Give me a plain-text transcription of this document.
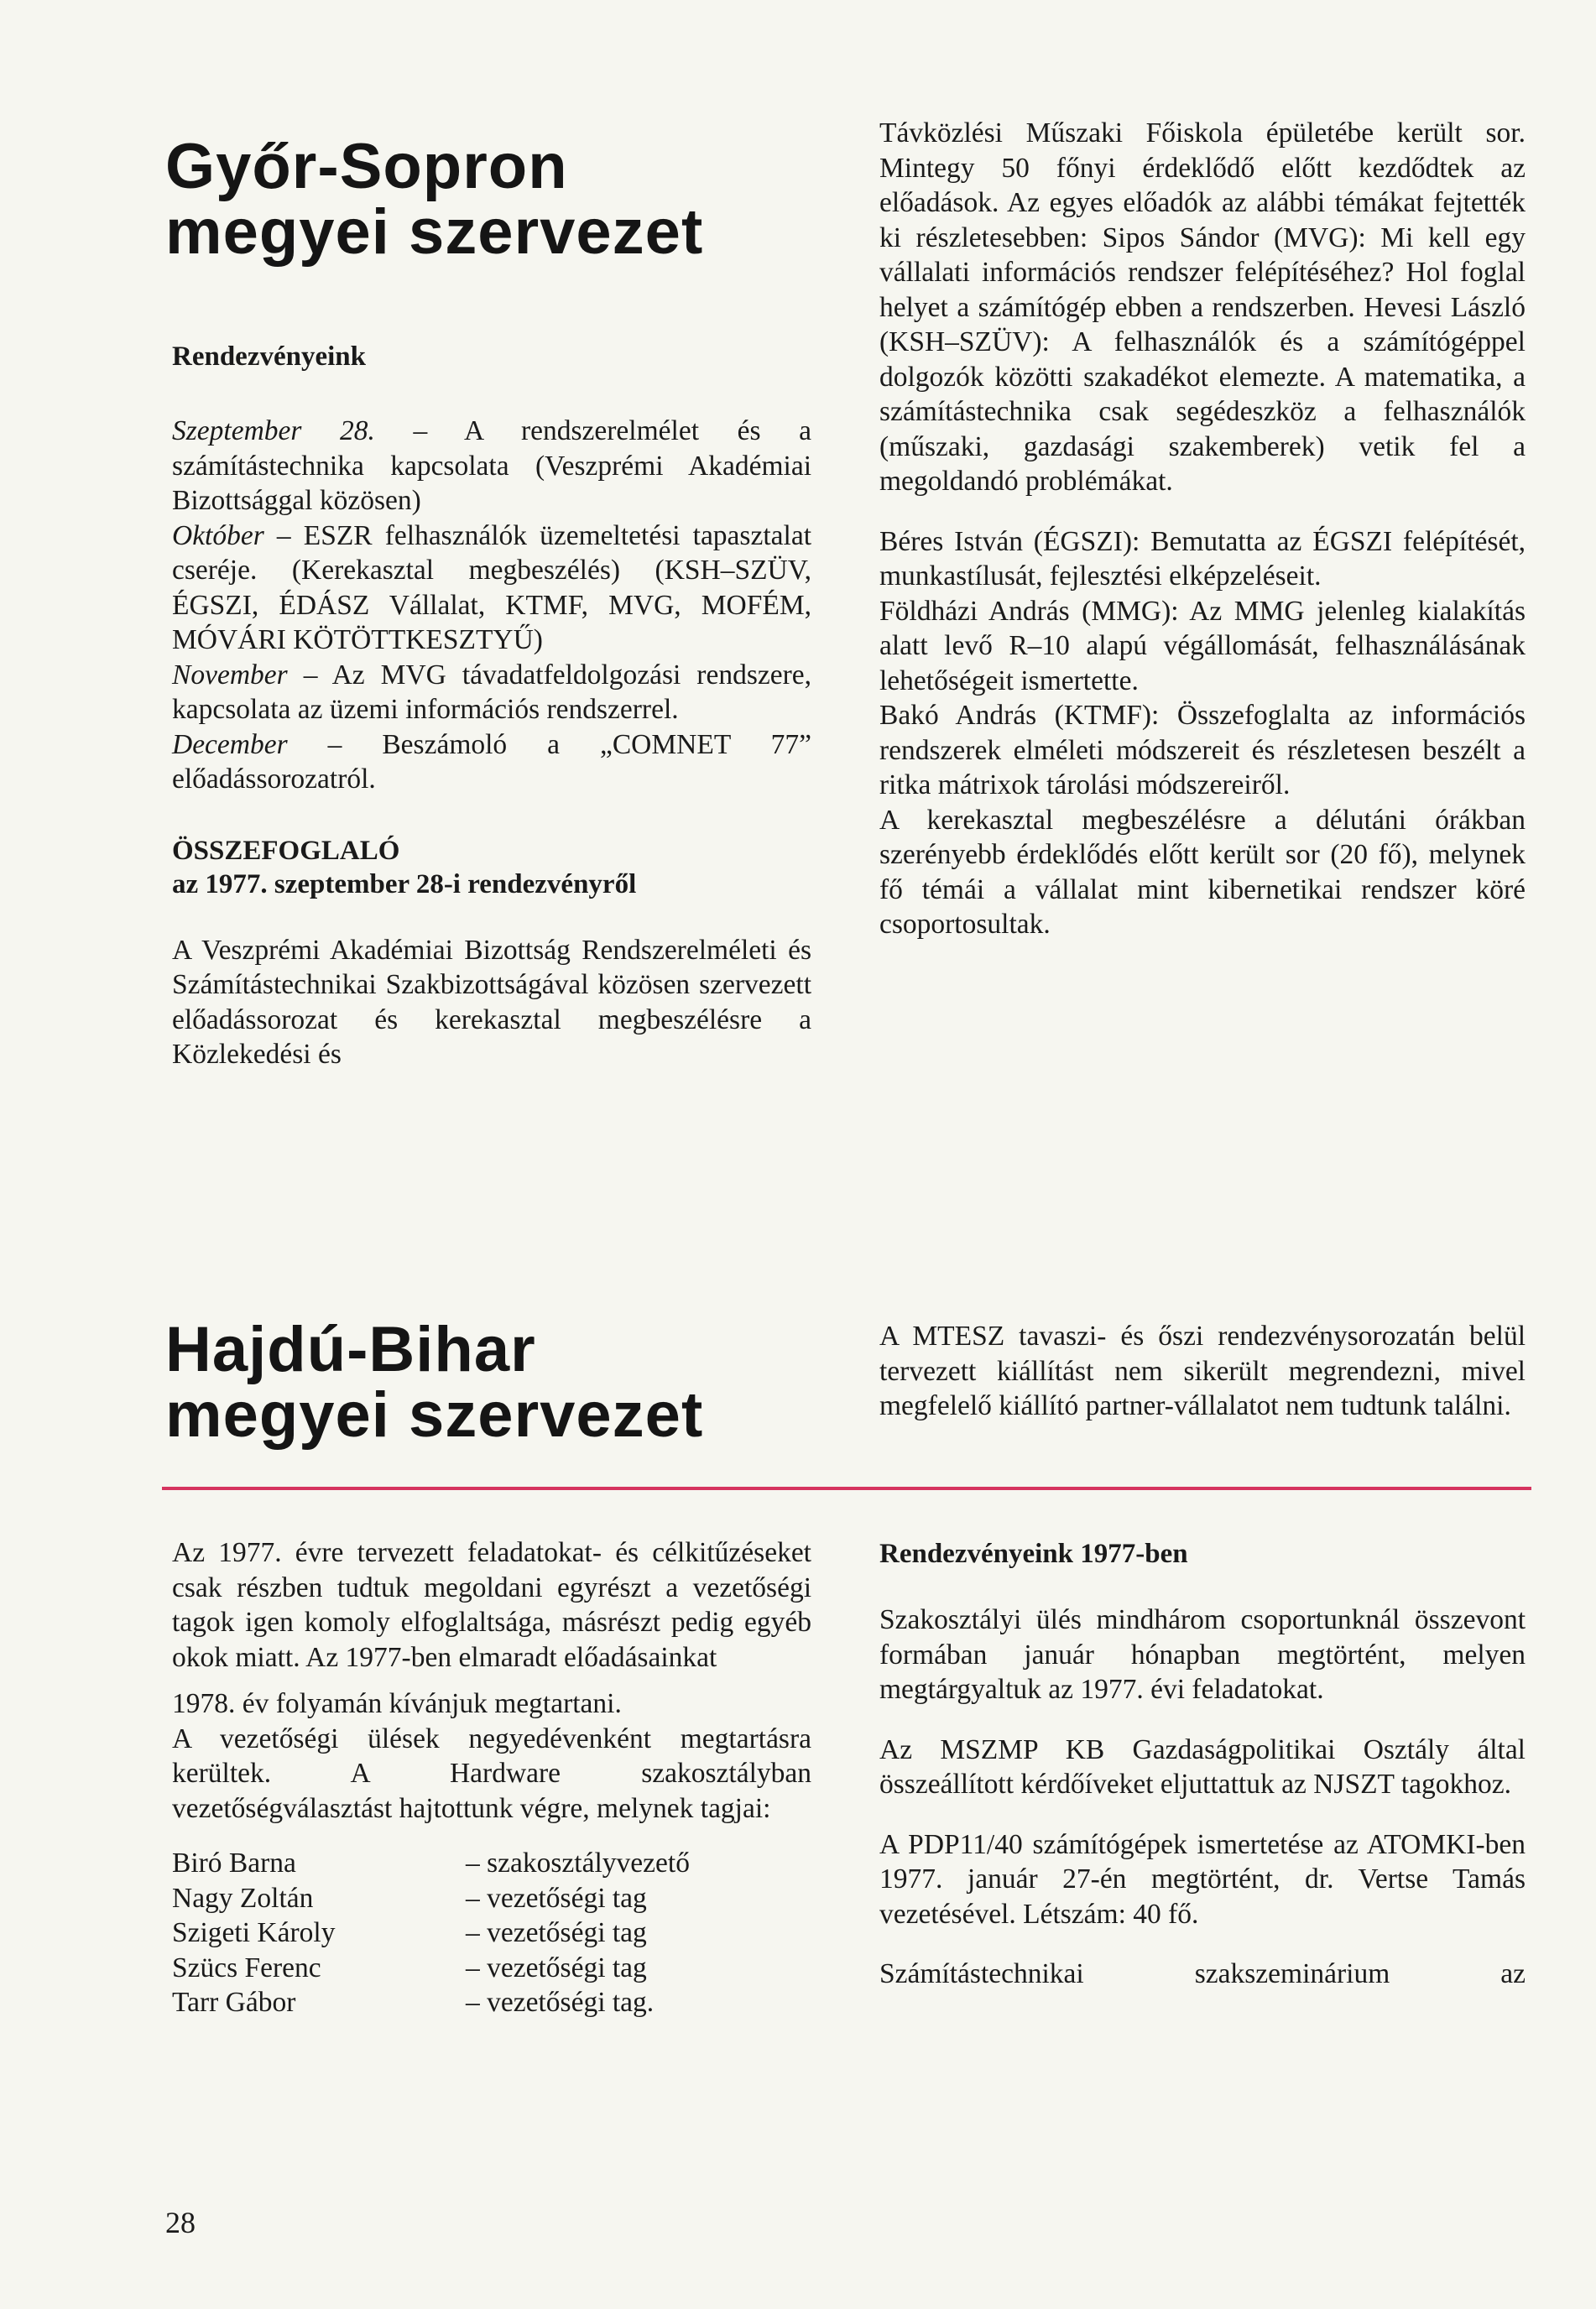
Győr-Sopron
megyei szervezet

Rendezvényeink

Szeptember 28. – A rendszerelmélet és a számítástechnika kapcsolata (Veszprémi Akadémiai Bizottsággal közösen)

Október – ESZR felhasználók üzemeltetési tapasztalat cseréje. (Kerekasztal megbeszélés) (KSH–SZÜV, ÉGSZI, ÉDÁSZ Vállalat, KTMF, MVG, MOFÉM, MÓVÁRI KÖTÖTTKESZTYŰ)

November – Az MVG távadatfeldolgozási rendszere, kapcsolata az üzemi információs rendszerrel.

December – Beszámoló a „COMNET 77” előadássorozatról.

ÖSSZEFOGLALÓ

az 1977. szeptember 28-i rendezvényről

A Veszprémi Akadémiai Bizottság Rendszerelméleti és Számítástechnikai Szakbizottságával közösen szervezett előadássorozat és kerekasztal megbeszélésre a Közlekedési és

Távközlési Műszaki Főiskola épületébe került sor. Mintegy 50 főnyi érdeklődő előtt kezdődtek az előadások. Az egyes előadók az alábbi témákat fejtették ki részletesebben: Sipos Sándor (MVG): Mi kell egy vállalati információs rendszer felépítéséhez? Hol foglal helyet a számítógép ebben a rendszerben. Hevesi László (KSH–SZÜV): A felhasználók és a számítógéppel dolgozók közötti szakadékot elemezte. A matematika, a számítástechnika csak segédeszköz a felhasználók (műszaki, gazdasági szakemberek) vetik fel a megoldandó problémákat.

Béres István (ÉGSZI): Bemutatta az ÉGSZI felépítését, munkastílusát, fejlesztési elképzeléseit.

Földházi András (MMG): Az MMG jelenleg kialakítás alatt levő R–10 alapú végállomását, felhasználásának lehetőségeit ismertette.

Bakó András (KTMF): Összefoglalta az információs rendszerek elméleti módszereit és részletesen beszélt a ritka mátrixok tárolási módszereiről.

A kerekasztal megbeszélésre a délutáni órákban szerényebb érdeklődés előtt került sor (20 fő), melynek fő témái a vállalat mint kibernetikai rendszer köré csoportosultak.

A MTESZ tavaszi- és őszi rendezvénysorozatán belül tervezett kiállítást nem sikerült megrendezni, mivel megfelelő kiállító partner-vállalatot nem tudtunk találni.

Hajdú-Bihar
megyei szervezet

Az 1977. évre tervezett feladatokat- és célkitűzéseket csak részben tudtuk megoldani egyrészt a vezetőségi tagok igen komoly elfoglaltsága, másrészt pedig egyéb okok miatt. Az 1977-ben elmaradt előadásainkat

1978. év folyamán kívánjuk megtartani.

A vezetőségi ülések negyedévenként megtartásra kerültek. A Hardware szakosztályban vezetőségválasztást hajtottunk végre, melynek tagjai:

Biró Barna	– szakosztályvezető
Nagy Zoltán	– vezetőségi tag
Szigeti Károly	– vezetőségi tag
Szücs Ferenc	– vezetőségi tag
Tarr Gábor	– vezetőségi tag.

Rendezvényeink 1977-ben

Szakosztályi ülés mindhárom csoportunknál összevont formában január hónapban megtörtént, melyen megtárgyaltuk az 1977. évi feladatokat.

Az MSZMP KB Gazdaságpolitikai Osztály által összeállított kérdőíveket eljuttattuk az NJSZT tagokhoz.

A PDP11/40 számítógépek ismertetése az ATOMKI-ben 1977. január 27-én megtörtént, dr. Vertse Tamás vezetésével. Létszám: 40 fő.

Számítástechnikai szakszeminárium az

28
